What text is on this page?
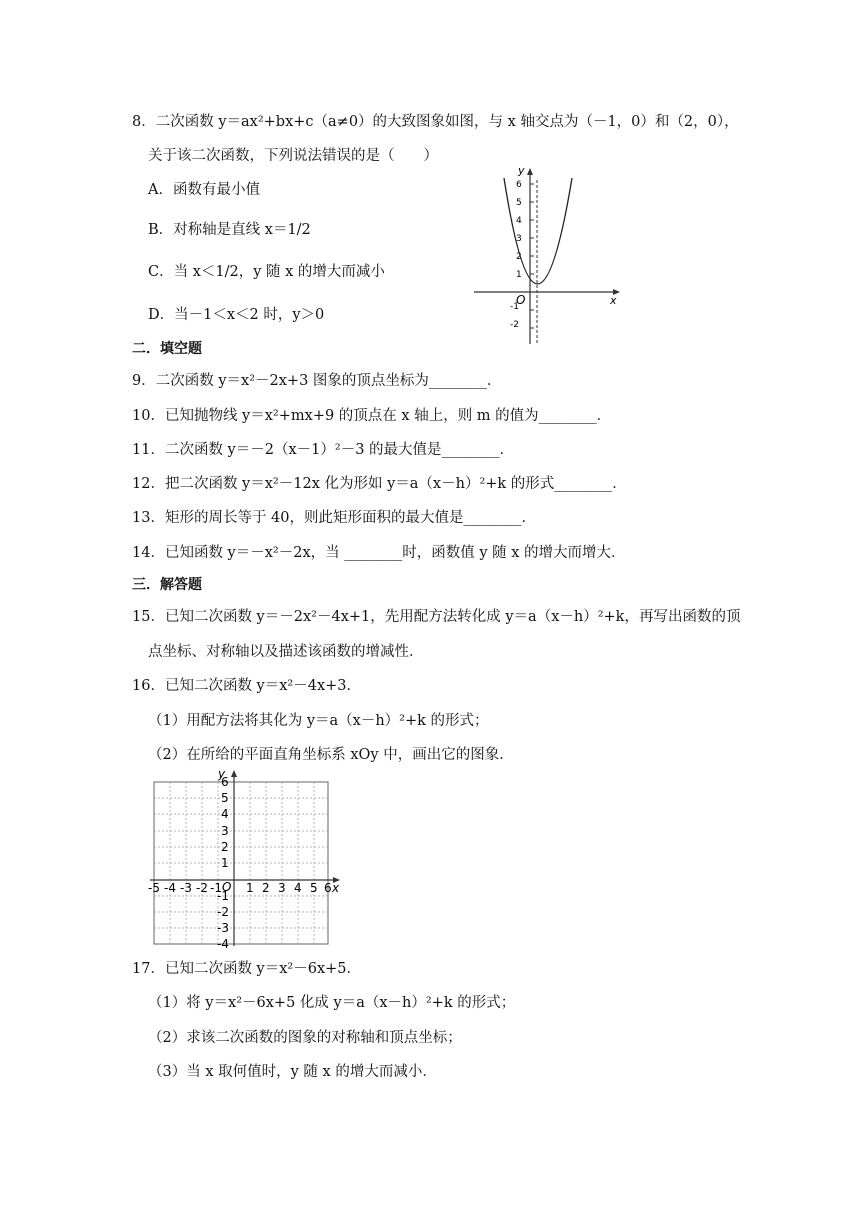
8．二次函数 y＝ax²+bx+c（a≠0）的大致图象如图，与 x 轴交点为（－1，0）和（2，0），
关于该二次函数，下列说法错误的是（　　）
A．函数有最小值
B．对称轴是直线 x＝1/2
C．当 x＜1/2，y 随 x 的增大而减小
D．当－1＜x＜2 时，y＞0
6
5
4
3
2
1
-1
-2
y
x
O
二．填空题
9．二次函数 y＝x²－2x+3 图象的顶点坐标为________．
10．已知抛物线 y＝x²+mx+9 的顶点在 x 轴上，则 m 的值为________．
11．二次函数 y＝－2（x－1）²－3 的最大值是________．
12．把二次函数 y＝x²－12x 化为形如 y＝a（x－h）²+k 的形式________．
13．矩形的周长等于 40，则此矩形面积的最大值是________．
14．已知函数 y＝－x²－2x，当 ________时，函数值 y 随 x 的增大而增大．
三．解答题
15．已知二次函数 y＝－2x²－4x+1，先用配方法转化成 y＝a（x－h）²+k，再写出函数的顶
点坐标、对称轴以及描述该函数的增减性．
16．已知二次函数 y＝x²－4x+3．
（1）用配方法将其化为 y＝a（x－h）²+k 的形式；
（2）在所给的平面直角坐标系 xOy 中，画出它的图象．
y
x
O
6
5
4
3
2
1
-1
-2
-3
-4
-5 -4 -3 -2 -1 1 2 3 4 5 6
17．已知二次函数 y＝x²－6x+5．
（1）将 y＝x²－6x+5 化成 y＝a（x－h）²+k 的形式；
（2）求该二次函数的图象的对称轴和顶点坐标；
（3）当 x 取何值时，y 随 x 的增大而减小．
